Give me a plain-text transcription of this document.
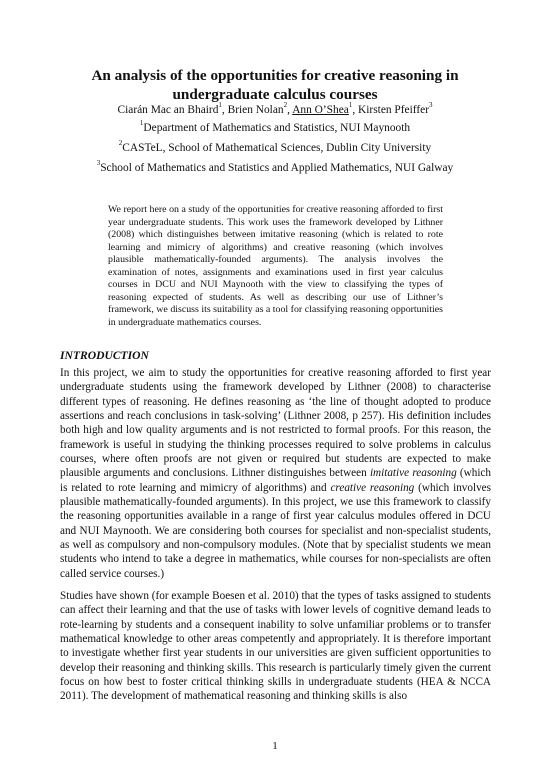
An analysis of the opportunities for creative reasoning in
undergraduate calculus courses
Ciarán Mac an Bhaird$^1$, Brien Nolan$^2$, Ann O’Shea$^1$, Kirsten Pfeiffer$^3$
$^1$Department of Mathematics and Statistics, NUI Maynooth
$^2$CASTeL, School of Mathematical Sciences, Dublin City University
$^3$School of Mathematics and Statistics and Applied Mathematics, NUI Galway

We report here on a study of the opportunities for creative reasoning afforded to first year undergraduate students. This work uses the framework developed by Lithner (2008) which distinguishes between imitative reasoning (which is related to rote learning and mimicry of algorithms) and creative reasoning (which involves plausible mathematically-founded arguments). The analysis involves the examination of notes, assignments and examinations used in first year calculus courses in DCU and NUI Maynooth with the view to classifying the types of reasoning expected of students. As well as describing our use of Lithner’s framework, we discuss its suitability as a tool for classifying reasoning opportunities in undergraduate mathematics courses.

INTRODUCTION

In this project, we aim to study the opportunities for creative reasoning afforded to first year undergraduate students using the framework developed by Lithner (2008) to characterise different types of reasoning. He defines reasoning as ‘the line of thought adopted to produce assertions and reach conclusions in task-solving’ (Lithner 2008, p 257). His definition includes both high and low quality arguments and is not restricted to formal proofs. For this reason, the framework is useful in studying the thinking processes required to solve problems in calculus courses, where often proofs are not given or required but students are expected to make plausible arguments and conclusions. Lithner distinguishes between imitative reasoning (which is related to rote learning and mimicry of algorithms) and creative reasoning (which involves plausible mathematically-founded arguments). In this project, we use this framework to classify the reasoning opportunities available in a range of first year calculus modules offered in DCU and NUI Maynooth. We are considering both courses for specialist and non-specialist students, as well as compulsory and non-compulsory modules. (Note that by specialist students we mean students who intend to take a degree in mathematics, while courses for non-specialists are often called service courses.)

Studies have shown (for example Boesen et al. 2010) that the types of tasks assigned to students can affect their learning and that the use of tasks with lower levels of cognitive demand leads to rote-learning by students and a consequent inability to solve unfamiliar problems or to transfer mathematical knowledge to other areas competently and appropriately. It is therefore important to investigate whether first year students in our universities are given sufficient opportunities to develop their reasoning and thinking skills. This research is particularly timely given the current focus on how best to foster critical thinking skills in undergraduate students (HEA & NCCA 2011). The development of mathematical reasoning and thinking skills is also

1
